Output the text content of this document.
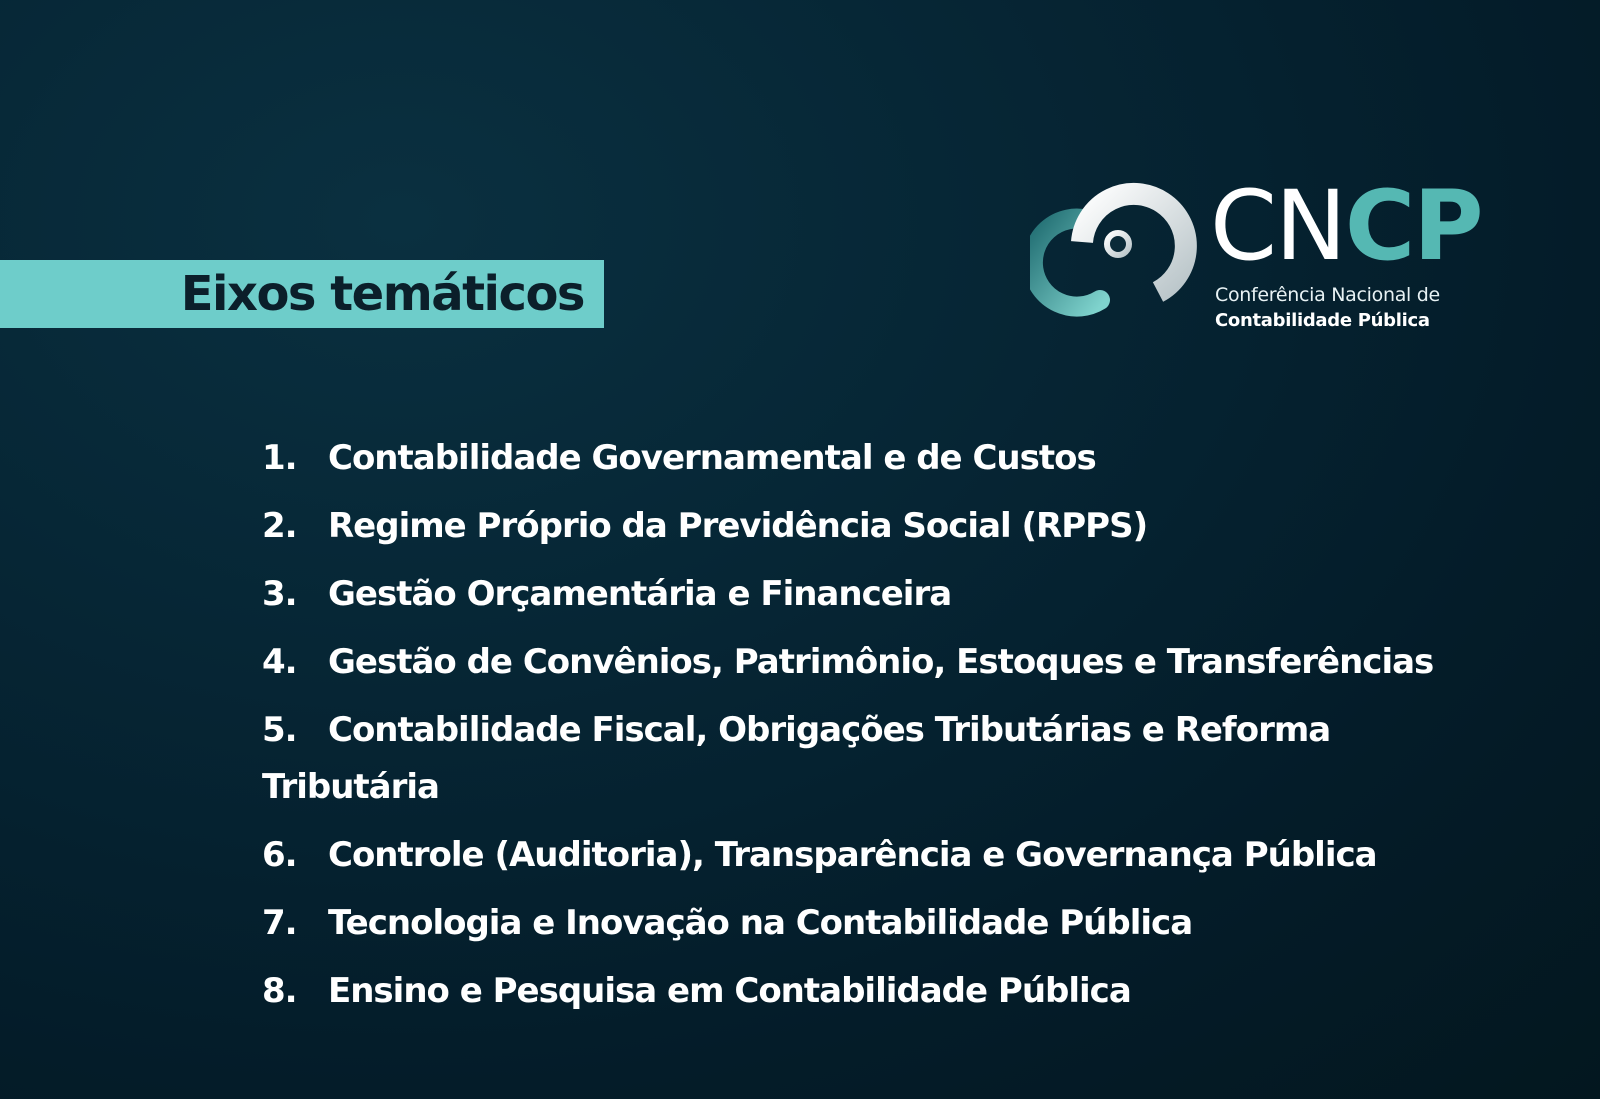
Eixos temáticos
CNCP
Conferência Nacional de
Contabilidade Pública
1. Contabilidade Governamental e de Custos
2. Regime Próprio da Previdência Social (RPPS)
3. Gestão Orçamentária e Financeira
4. Gestão de Convênios, Patrimônio, Estoques e Transferências
5. Contabilidade Fiscal, Obrigações Tributárias e Reforma Tributária
6. Controle (Auditoria), Transparência e Governança Pública
7. Tecnologia e Inovação na Contabilidade Pública
8. Ensino e Pesquisa em Contabilidade Pública
